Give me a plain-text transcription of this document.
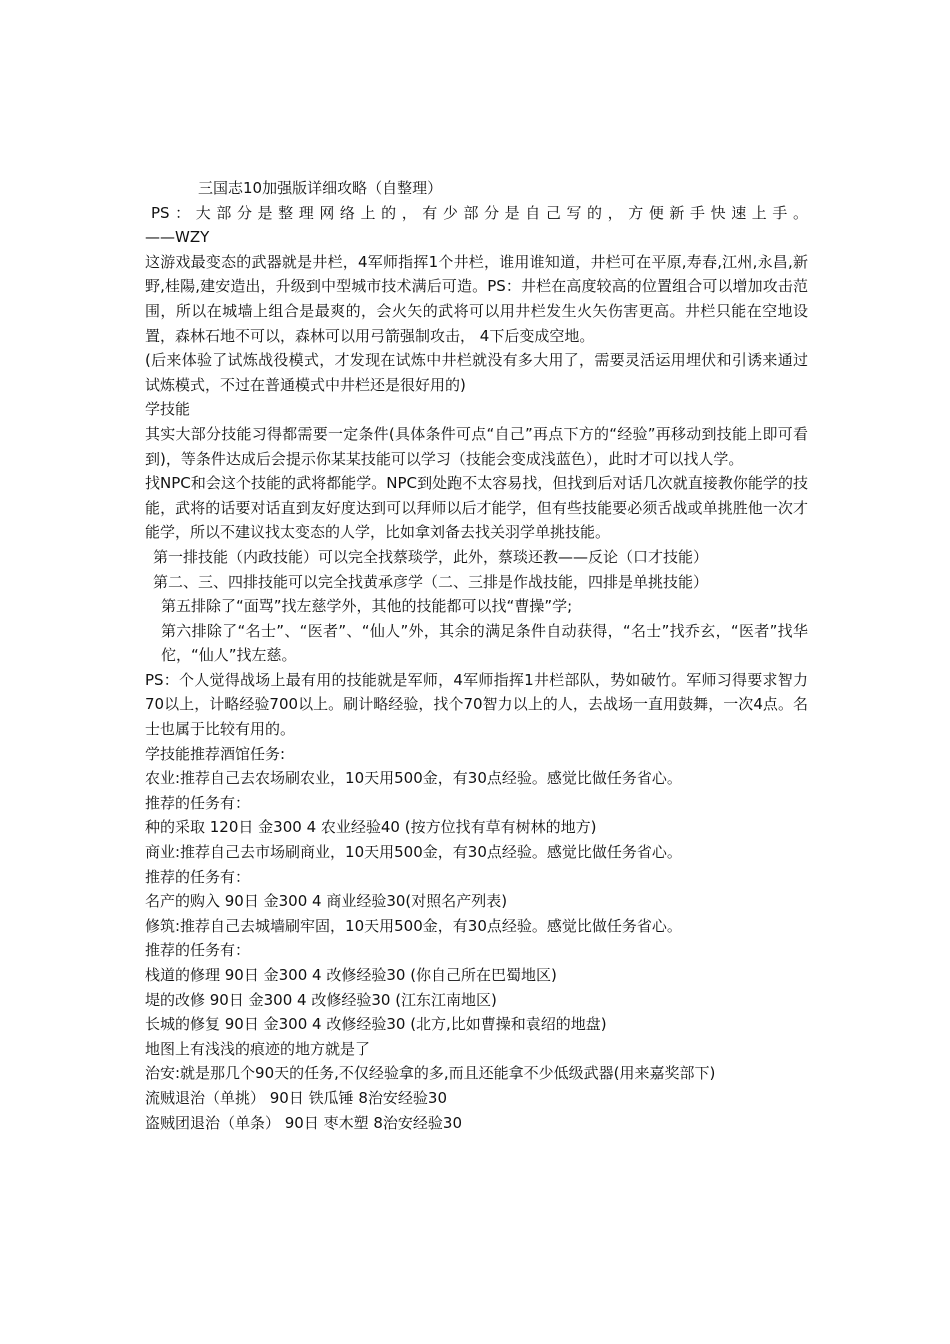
三国志10加强版详细攻略（自整理）
PS：大部分是整理网络上的，有少部分是自己写的，方便新手快速上手。
——WZY

这游戏最变态的武器就是井栏，4军师指挥1个井栏，谁用谁知道，井栏可在平原,寿春,江州,永昌,新野,桂陽,建安造出，升级到中型城市技术满后可造。PS：井栏在高度较高的位置组合可以增加攻击范围，所以在城墙上组合是最爽的，会火矢的武将可以用井栏发生火矢伤害更高。井栏只能在空地设置，森林石地不可以，森林可以用弓箭强制攻击， 4下后变成空地。

(后来体验了试炼战役模式，才发现在试炼中井栏就没有多大用了，需要灵活运用埋伏和引诱来通过试炼模式，不过在普通模式中井栏还是很好用的)

学技能

其实大部分技能习得都需要一定条件(具体条件可点“自己”再点下方的“经验”再移动到技能上即可看到)，等条件达成后会提示你某某技能可以学习（技能会变成浅蓝色），此时才可以找人学。

找NPC和会这个技能的武将都能学。NPC到处跑不太容易找，但找到后对话几次就直接教你能学的技能，武将的话要对话直到友好度达到可以拜师以后才能学，但有些技能要必须舌战或单挑胜他一次才能学，所以不建议找太变态的人学，比如拿刘备去找关羽学单挑技能。

第一排技能（内政技能）可以完全找蔡琰学，此外，蔡琰还教——反论（口才技能）
第二、三、四排技能可以完全找黄承彦学（二、三排是作战技能，四排是单挑技能）
第五排除了“面骂”找左慈学外，其他的技能都可以找“曹操”学;

第六排除了“名士”、“医者”、“仙人”外，其余的满足条件自动获得，“名士”找乔玄，“医者”找华佗，“仙人”找左慈。

PS：个人觉得战场上最有用的技能就是军师，4军师指挥1井栏部队，势如破竹。军师习得要求智力70以上，计略经验700以上。刷计略经验，找个70智力以上的人，去战场一直用鼓舞，一次4点。名士也属于比较有用的。

学技能推荐酒馆任务:
农业:推荐自己去农场刷农业，10天用500金，有30点经验。感觉比做任务省心。
推荐的任务有：
种的采取 120日 金300 4 农业经验40 (按方位找有草有树林的地方)
商业:推荐自己去市场刷商业，10天用500金，有30点经验。感觉比做任务省心。
推荐的任务有：
名产的购入 90日 金300 4 商业经验30(对照名产列表)
修筑:推荐自己去城墙刷牢固，10天用500金，有30点经验。感觉比做任务省心。
推荐的任务有：
栈道的修理 90日 金300 4 改修经验30 (你自己所在巴蜀地区)
堤的改修 90日 金300 4 改修经验30 (江东江南地区)
长城的修复 90日 金300 4 改修经验30 (北方,比如曹操和袁绍的地盘)
地图上有浅浅的痕迹的地方就是了
治安:就是那几个90天的任务,不仅经验拿的多,而且还能拿不少低级武器(用来嘉奖部下)
流贼退治（单挑） 90日 铁瓜锤 8治安经验30
盗贼团退治（单条） 90日 枣木塑 8治安经验30
